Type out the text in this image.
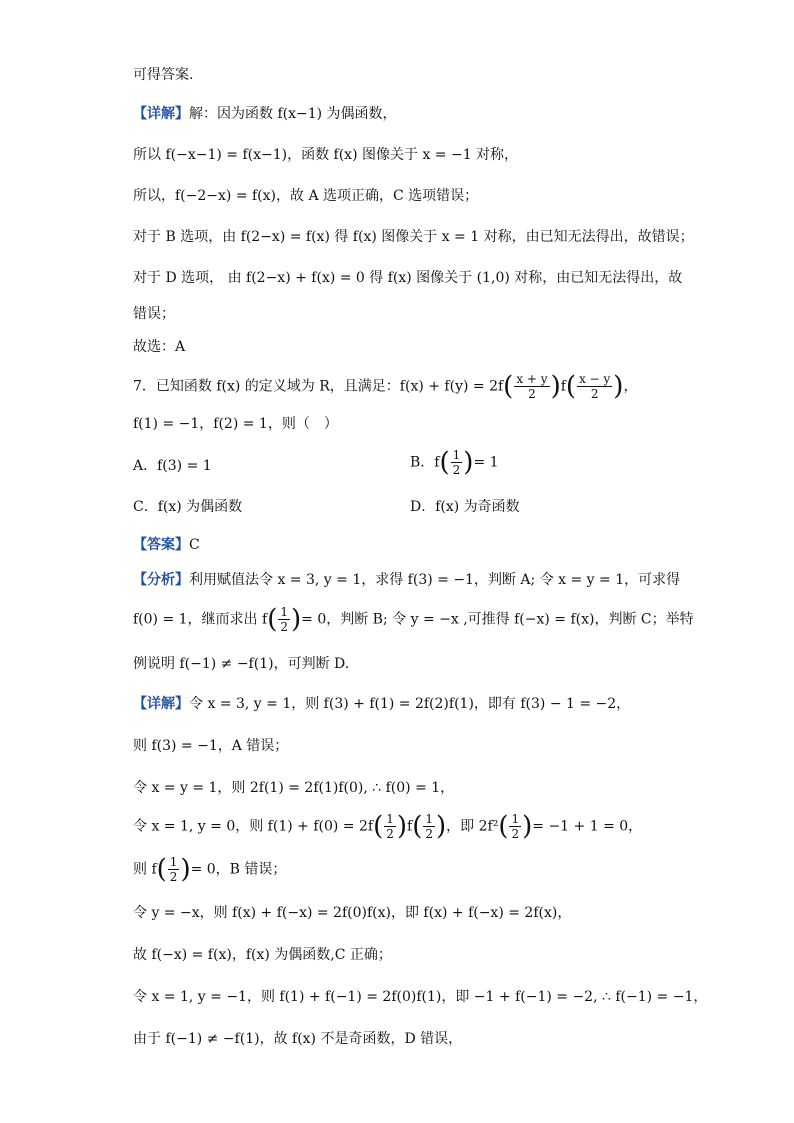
可得答案.
【详解】解：因为函数 f(x−1) 为偶函数，
所以 f(−x−1) = f(x−1)，函数 f(x) 图像关于 x = −1 对称，
所以，f(−2−x) = f(x)，故 A 选项正确，C 选项错误；
对于 B 选项，由 f(2−x) = f(x) 得 f(x) 图像关于 x = 1 对称，由已知无法得出，故错误；
对于 D 选项， 由 f(2−x) + f(x) = 0 得 f(x) 图像关于 (1,0) 对称，由已知无法得出，故
错误；
故选：A
7．已知函数 f(x) 的定义域为 R，且满足：$f(x) + f(y) = 2f( \frac{x + y}{2} )f( \frac{x - y}{2}$ )，
f(1) = −1，f(2) = 1，则（　）
A．f(3) = 1	B．$f( \frac{1}{2}$ )= 1
C．f(x) 为偶函数	D．f(x) 为奇函数
【答案】C
【分析】利用赋值法令 x = 3, y = 1，求得 f(3) = −1，判断 A; 令 x = y = 1，可求得
f(0) = 1，继而求出 $f( \frac{1}{2}$ )= 0，判断 B; 令 y = −x ,可推得 f(−x) = f(x)，判断 C；举特
例说明 f(−1) ≠ −f(1)，可判断 D.
【详解】令 x = 3, y = 1，则 f(3) + f(1) = 2f(2)f(1)，即有 f(3) − 1 = −2，
则 f(3) = −1，A 错误；
令 x = y = 1，则 2f(1) = 2f(1)f(0), ∴ f(0) = 1，
令 x = 1, y = 0，则 $f(1) + f(0) = 2f( \frac{1}{2} )f( \frac{1}{2}$ )，即 $2f^2( \frac{1}{2}$ )= −1 + 1 = 0，
则 $f( \frac{1}{2}$ )= 0，B 错误；
令 y = −x，则 f(x) + f(−x) = 2f(0)f(x)，即 f(x) + f(−x) = 2f(x)，
故 f(−x) = f(x)，f(x) 为偶函数,C 正确；
令 x = 1, y = −1，则 f(1) + f(−1) = 2f(0)f(1)，即 −1 + f(−1) = −2, ∴ f(−1) = −1，
由于 f(−1) ≠ −f(1)，故 f(x) 不是奇函数，D 错误，
